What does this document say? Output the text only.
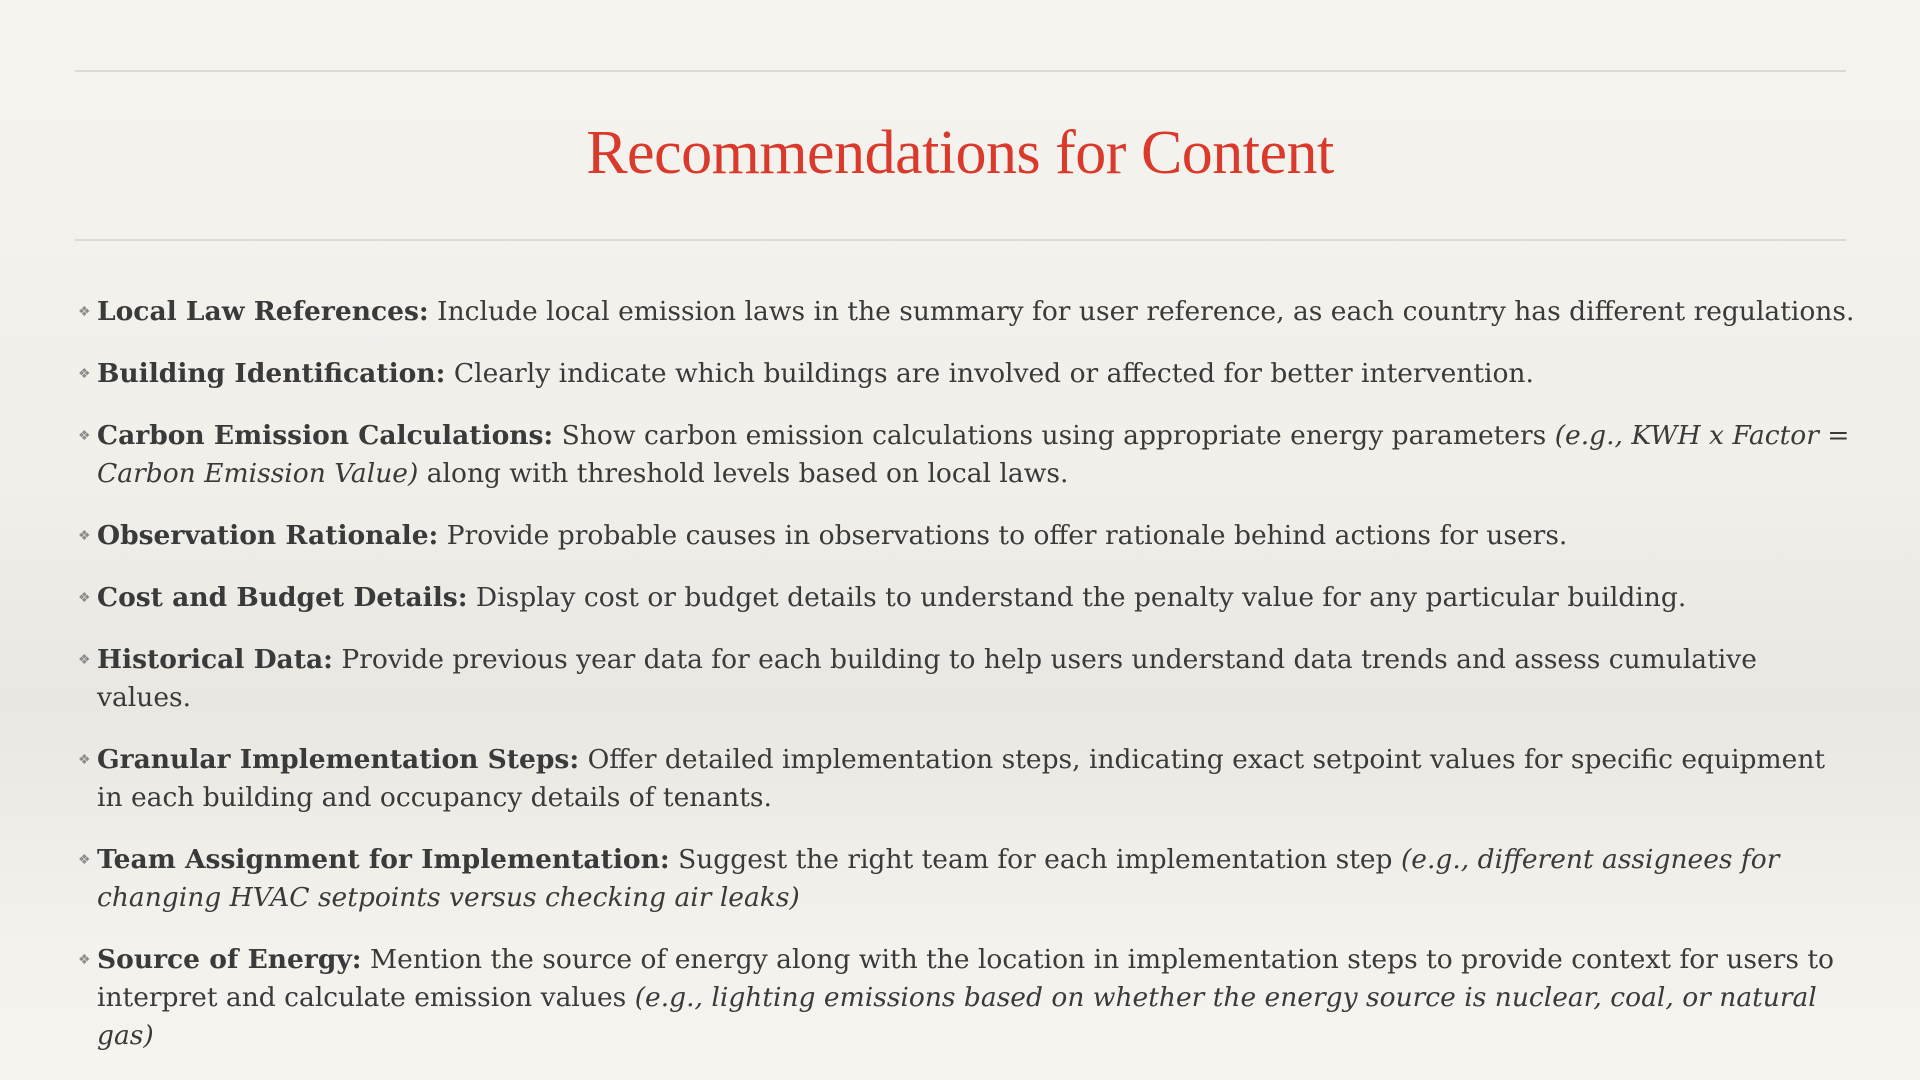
Recommendations for Content
❖ Local Law References: Include local emission laws in the summary for user reference, as each country has different regulations.
❖ Building Identification: Clearly indicate which buildings are involved or affected for better intervention.
❖ Carbon Emission Calculations: Show carbon emission calculations using appropriate energy parameters (e.g., KWH x Factor = Carbon Emission Value) along with threshold levels based on local laws.
❖ Observation Rationale: Provide probable causes in observations to offer rationale behind actions for users.
❖ Cost and Budget Details: Display cost or budget details to understand the penalty value for any particular building.
❖ Historical Data: Provide previous year data for each building to help users understand data trends and assess cumulative values.
❖ Granular Implementation Steps: Offer detailed implementation steps, indicating exact setpoint values for specific equipment in each building and occupancy details of tenants.
❖ Team Assignment for Implementation: Suggest the right team for each implementation step (e.g., different assignees for changing HVAC setpoints versus checking air leaks)
❖ Source of Energy: Mention the source of energy along with the location in implementation steps to provide context for users to interpret and calculate emission values (e.g., lighting emissions based on whether the energy source is nuclear, coal, or natural gas)
